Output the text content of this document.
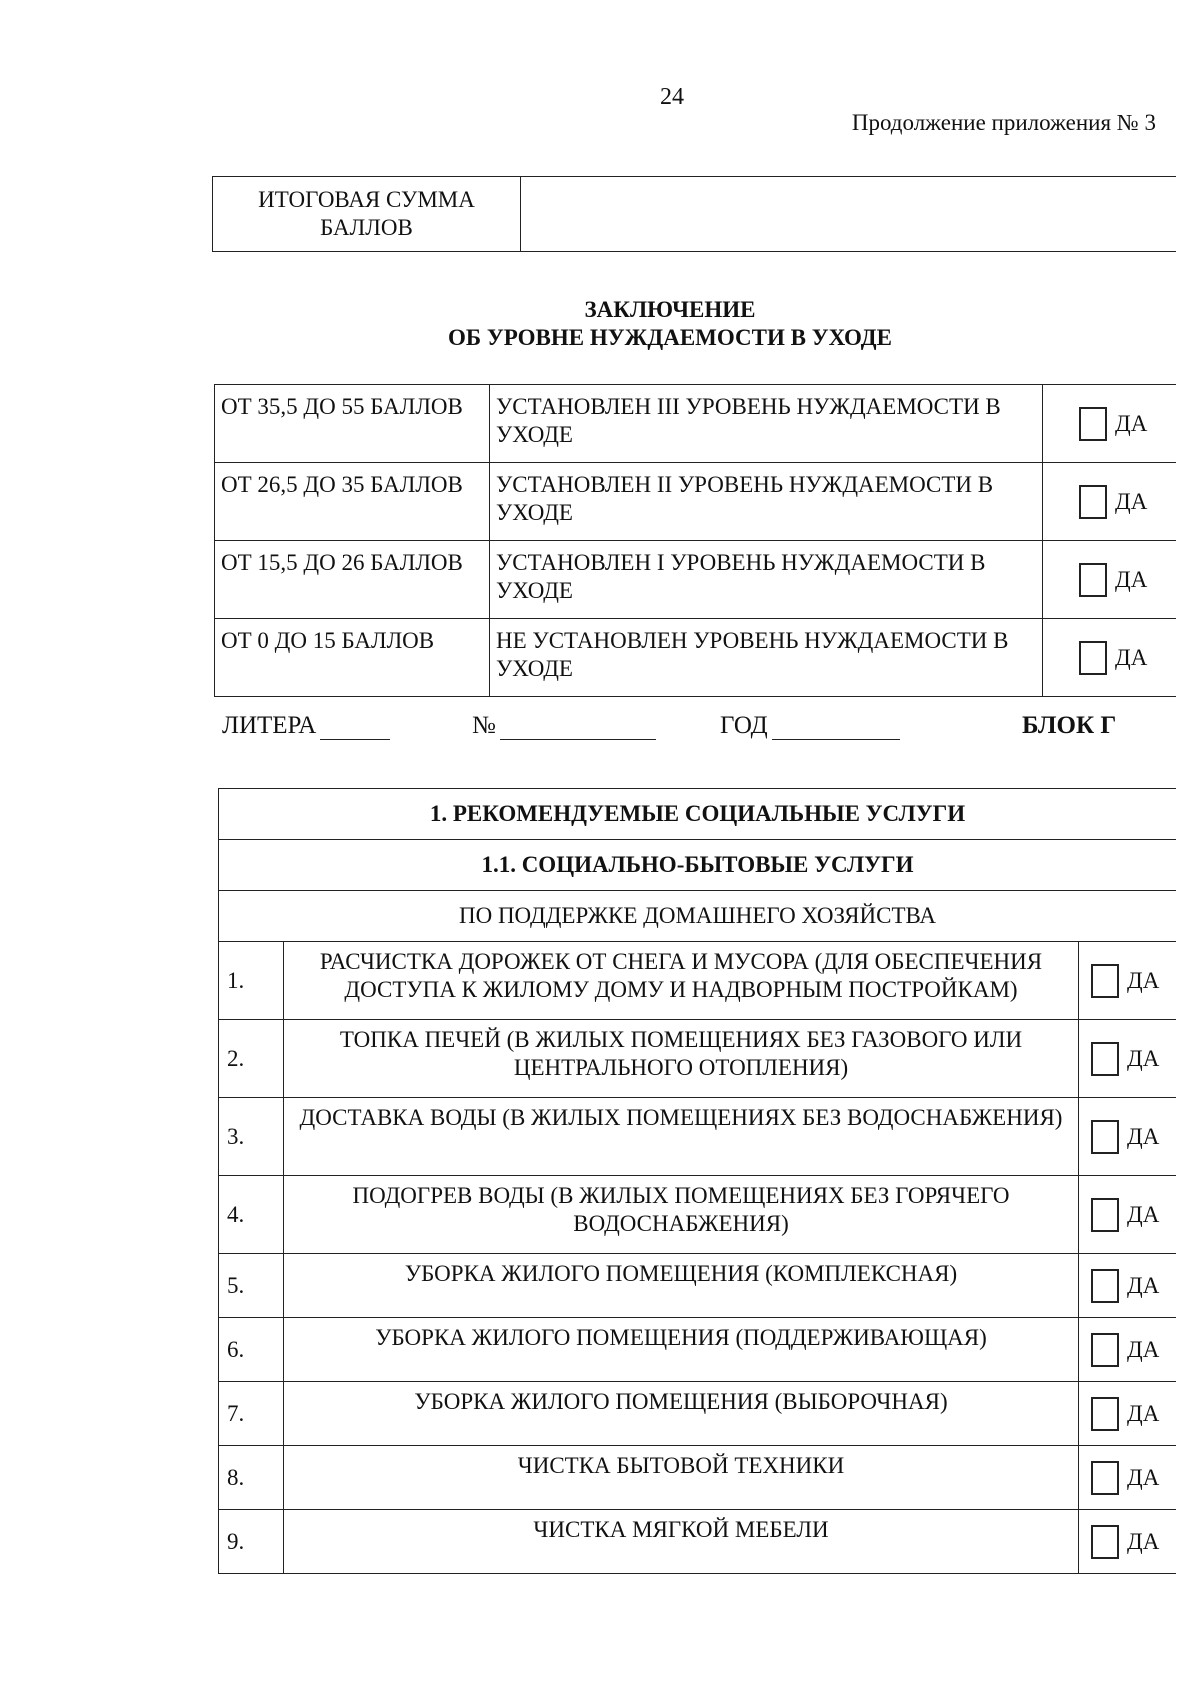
24
Продолжение приложения № 3
ИТОГОВАЯ СУММА БАЛЛОВ
ЗАКЛЮЧЕНИЕ
ОБ УРОВНЕ НУЖДАЕМОСТИ В УХОДЕ
ОТ 35,5 ДО 55 БАЛЛОВ	УСТАНОВЛЕН III УРОВЕНЬ НУЖДАЕМОСТИ В УХОДЕ	ДА
ОТ 26,5 ДО 35 БАЛЛОВ	УСТАНОВЛЕН II УРОВЕНЬ НУЖДАЕМОСТИ В УХОДЕ	ДА
ОТ 15,5 ДО 26 БАЛЛОВ	УСТАНОВЛЕН I УРОВЕНЬ НУЖДАЕМОСТИ В УХОДЕ	ДА
ОТ 0 ДО 15 БАЛЛОВ	НЕ УСТАНОВЛЕН УРОВЕНЬ НУЖДАЕМОСТИ В УХОДЕ	ДА
ЛИТЕРА	№	ГОД	БЛОК Г
1. РЕКОМЕНДУЕМЫЕ СОЦИАЛЬНЫЕ УСЛУГИ		
1.1. СОЦИАЛЬНО-БЫТОВЫЕ УСЛУГИ		
ПО ПОДДЕРЖКЕ ДОМАШНЕГО ХОЗЯЙСТВА		
1.	РАСЧИСТКА ДОРОЖЕК ОТ СНЕГА И МУСОРА (ДЛЯ ОБЕСПЕЧЕНИЯ ДОСТУПА К ЖИЛОМУ ДОМУ И НАДВОРНЫМ ПОСТРОЙКАМ)	ДА
2.	ТОПКА ПЕЧЕЙ (В ЖИЛЫХ ПОМЕЩЕНИЯХ БЕЗ ГАЗОВОГО ИЛИ ЦЕНТРАЛЬНОГО ОТОПЛЕНИЯ)	ДА
3.	ДОСТАВКА ВОДЫ (В ЖИЛЫХ ПОМЕЩЕНИЯХ БЕЗ ВОДОСНАБЖЕНИЯ)	ДА
4.	ПОДОГРЕВ ВОДЫ (В ЖИЛЫХ ПОМЕЩЕНИЯХ БЕЗ ГОРЯЧЕГО ВОДОСНАБЖЕНИЯ)	ДА
5.	УБОРКА ЖИЛОГО ПОМЕЩЕНИЯ (КОМПЛЕКСНАЯ)	ДА
6.	УБОРКА ЖИЛОГО ПОМЕЩЕНИЯ (ПОДДЕРЖИВАЮЩАЯ)	ДА
7.	УБОРКА ЖИЛОГО ПОМЕЩЕНИЯ (ВЫБОРОЧНАЯ)	ДА
8.	ЧИСТКА БЫТОВОЙ ТЕХНИКИ	ДА
9.	ЧИСТКА МЯГКОЙ МЕБЕЛИ	ДА
